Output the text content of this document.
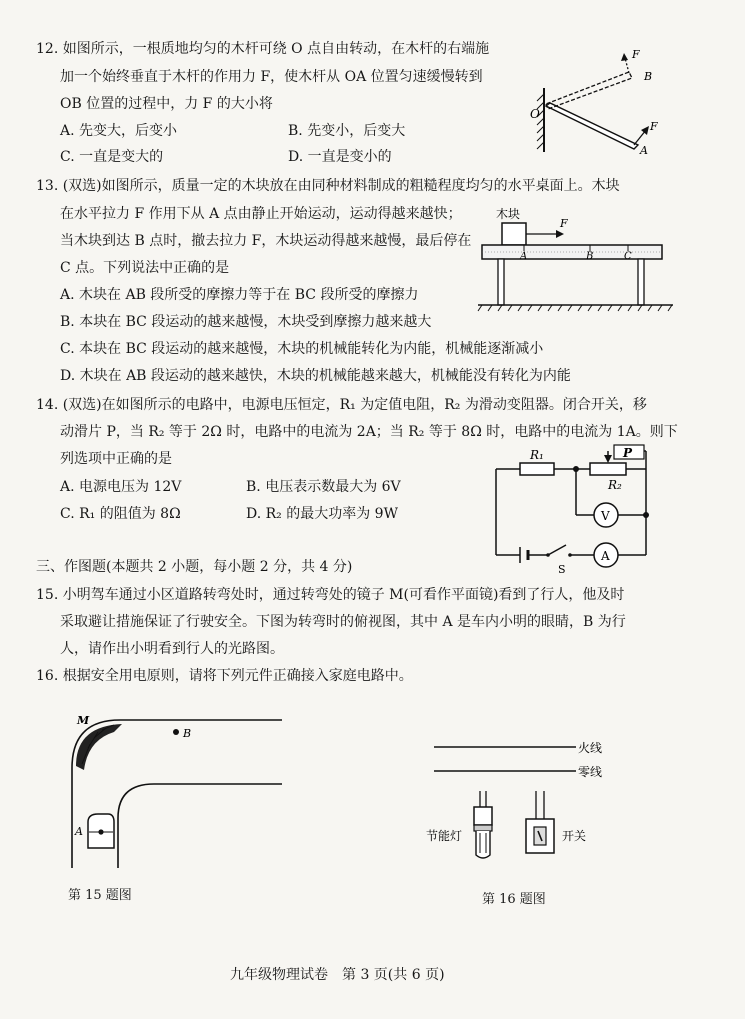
12. 如图所示，一根质地均匀的木杆可绕 O 点自由转动，在木杆的右端施
加一个始终垂直于木杆的作用力 F，使木杆从 OA 位置匀速缓慢转到
OB 位置的过程中，力 F 的大小将
A. 先变大，后变小	B. 先变小，后变大
C. 一直是变大的	D. 一直是变小的
O
A
B
F
F
13. (双选)如图所示，质量一定的木块放在由同种材料制成的粗糙程度均匀的水平桌面上。木块
在水平拉力 F 作用下从 A 点由静止开始运动，运动得越来越快；
当木块到达 B 点时，撤去拉力 F，木块运动得越来越慢，最后停在
C 点。下列说法中正确的是
A. 木块在 AB 段所受的摩擦力等于在 BC 段所受的摩擦力
B. 本块在 BC 段运动的越来越慢，木块受到摩擦力越来越大
C. 本块在 BC 段运动的越来越慢，木块的机械能转化为内能，机械能逐渐减小
D. 木块在 AB 段运动的越来越快，木块的机械能越来越大，机械能没有转化为内能
木块
F
A	B	C
14. (双选)在如图所示的电路中，电源电压恒定，R₁ 为定值电阻，R₂ 为滑动变阻器。闭合开关，移
动滑片 P，当 R₂ 等于 2Ω 时，电路中的电流为 2A；当 R₂ 等于 8Ω 时，电路中的电流为 1A。则下
列选项中正确的是
A. 电源电压为 12V	B. 电压表示数最大为 6V
C. R₁ 的阻值为 8Ω	D. R₂ 的最大功率为 9W
R₁
R₂
P
V
A
S
三、作图题(本题共 2 小题，每小题 2 分，共 4 分)
15. 小明驾车通过小区道路转弯处时，通过转弯处的镜子 M(可看作平面镜)看到了行人，他及时
采取避让措施保证了行驶安全。下图为转弯时的俯视图，其中 A 是车内小明的眼睛，B 为行
人，请作出小明看到行人的光路图。
16. 根据安全用电原则，请将下列元件正确接入家庭电路中。
M
A
B
第 15 题图
火线
零线
节能灯	开关
第 16 题图
九年级物理试卷　第 3 页(共 6 页)
